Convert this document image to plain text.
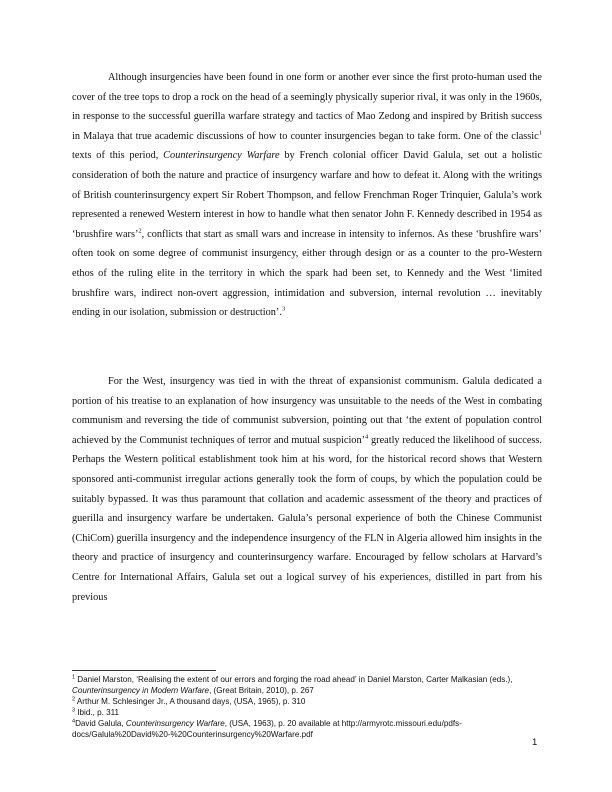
Although insurgencies have been found in one form or another ever since the first proto-human used the cover of the tree tops to drop a rock on the head of a seemingly physically superior rival, it was only in the 1960s, in response to the successful guerilla warfare strategy and tactics of Mao Zedong and inspired by British success in Malaya that true academic discussions of how to counter insurgencies began to take form. One of the classic$^1$ texts of this period, Counterinsurgency Warfare by French colonial officer David Galula, set out a holistic consideration of both the nature and practice of insurgency warfare and how to defeat it. Along with the writings of British counterinsurgency expert Sir Robert Thompson, and fellow Frenchman Roger Trinquier, Galula’s work represented a renewed Western interest in how to handle what then senator John F. Kennedy described in 1954 as ‘brushfire wars’$^2$, conflicts that start as small wars and increase in intensity to infernos. As these ‘brushfire wars’ often took on some degree of communist insurgency, either through design or as a counter to the pro-Western ethos of the ruling elite in the territory in which the spark had been set, to Kennedy and the West ‘limited brushfire wars, indirect non-overt aggression, intimidation and subversion, internal revolution … inevitably ending in our isolation, submission or destruction’.$^3$

For the West, insurgency was tied in with the threat of expansionist communism. Galula dedicated a portion of his treatise to an explanation of how insurgency was unsuitable to the needs of the West in combating communism and reversing the tide of communist subversion, pointing out that ‘the extent of population control achieved by the Communist techniques of terror and mutual suspicion’$^4$ greatly reduced the likelihood of success. Perhaps the Western political establishment took him at his word, for the historical record shows that Western sponsored anti-communist irregular actions generally took the form of coups, by which the population could be suitably bypassed. It was thus paramount that collation and academic assessment of the theory and practices of guerilla and insurgency warfare be undertaken. Galula’s personal experience of both the Chinese Communist (ChiCom) guerilla insurgency and the independence insurgency of the FLN in Algeria allowed him insights in the theory and practice of insurgency and counterinsurgency warfare. Encouraged by fellow scholars at Harvard’s Centre for International Affairs, Galula set out a logical survey of his experiences, distilled in part from his previous

$^1$ Daniel Marston, ‘Realising the extent of our errors and forging the road ahead’ in Daniel Marston, Carter Malkasian (eds.), Counterinsurgency in Modern Warfare, (Great Britain, 2010), p. 267

$^2$ Arthur M. Schlesinger Jr., A thousand days, (USA, 1965), p. 310

$^3$ Ibid., p. 311

$^4$David Galula, Counterinsurgency Warfare, (USA, 1963), p. 20 available at http://armyrotc.missouri.edu/pdfs-docs/Galula%20David%20-%20Counterinsurgency%20Warfare.pdf

1
